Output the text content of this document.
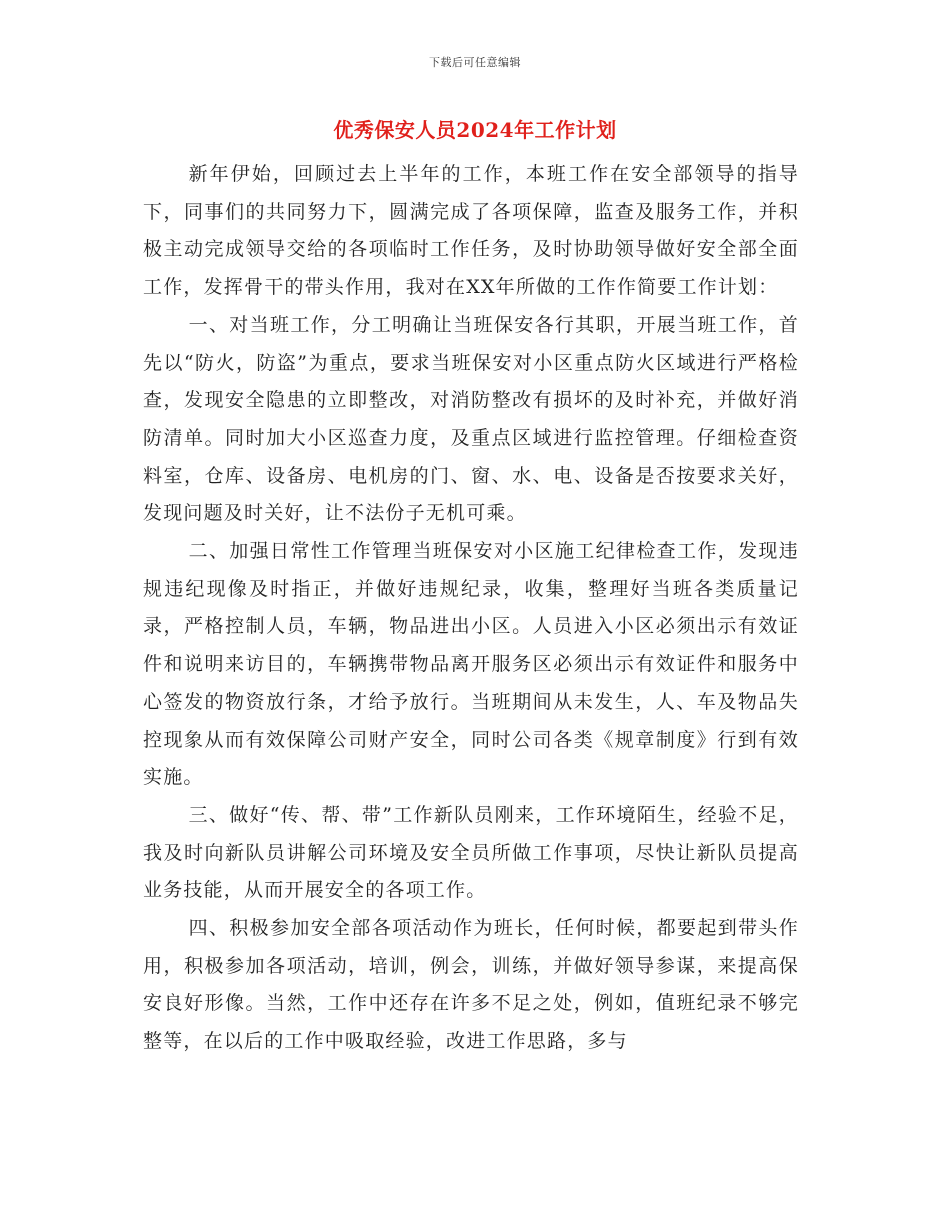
下载后可任意编辑
优秀保安人员2024年工作计划

新年伊始，回顾过去上半年的工作，本班工作在安全部领导的指导下，同事们的共同努力下，圆满完成了各项保障，监查及服务工作，并积极主动完成领导交给的各项临时工作任务，及时协助领导做好安全部全面工作，发挥骨干的带头作用，我对在XX年所做的工作作简要工作计划：

一、对当班工作，分工明确让当班保安各行其职，开展当班工作，首先以“防火，防盗”为重点，要求当班保安对小区重点防火区域进行严格检查，发现安全隐患的立即整改，对消防整改有损坏的及时补充，并做好消防清单。同时加大小区巡查力度，及重点区域进行监控管理。仔细检查资料室，仓库、设备房、电机房的门、窗、水、电、设备是否按要求关好，发现问题及时关好，让不法份子无机可乘。

二、加强日常性工作管理当班保安对小区施工纪律检查工作，发现违规违纪现像及时指正，并做好违规纪录，收集，整理好当班各类质量记录，严格控制人员，车辆，物品进出小区。人员进入小区必须出示有效证件和说明来访目的，车辆携带物品离开服务区必须出示有效证件和服务中心签发的物资放行条，才给予放行。当班期间从未发生，人、车及物品失控现象从而有效保障公司财产安全，同时公司各类《规章制度》行到有效实施。

三、做好“传、帮、带”工作新队员刚来，工作环境陌生，经验不足，我及时向新队员讲解公司环境及安全员所做工作事项，尽快让新队员提高业务技能，从而开展安全的各项工作。

四、积极参加安全部各项活动作为班长，任何时候，都要起到带头作用，积极参加各项活动，培训，例会，训练，并做好领导参谋，来提高保安良好形像。当然，工作中还存在许多不足之处，例如，值班纪录不够完整等，在以后的工作中吸取经验，改进工作思路，多与
